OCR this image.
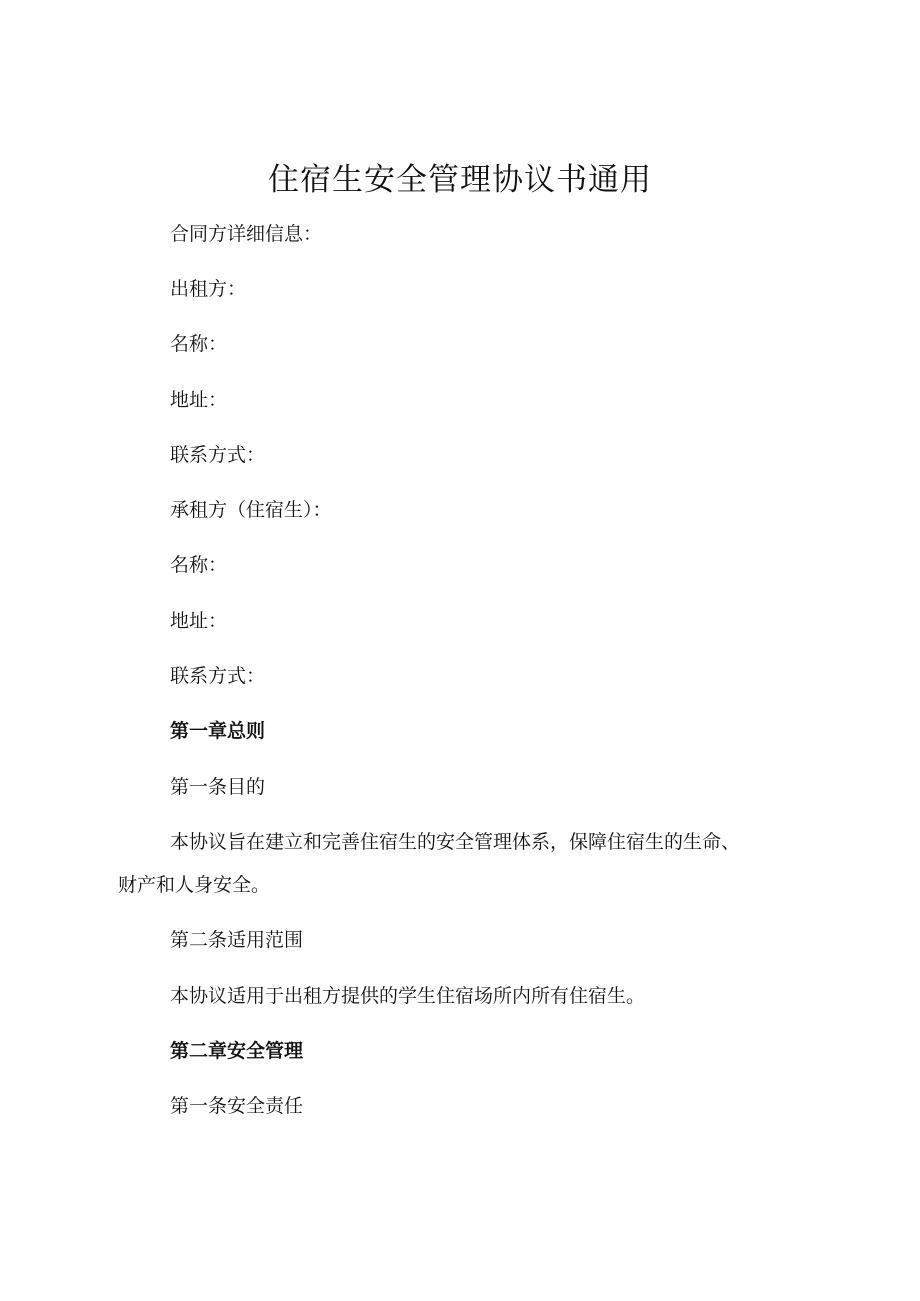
住宿生安全管理协议书通用
合同方详细信息：
出租方：
名称：
地址：
联系方式：
承租方（住宿生）：
名称：
地址：
联系方式：
第一章总则
第一条目的
本协议旨在建立和完善住宿生的安全管理体系，保障住宿生的生命、
财产和人身安全。
第二条适用范围
本协议适用于出租方提供的学生住宿场所内所有住宿生。
第二章安全管理
第一条安全责任
